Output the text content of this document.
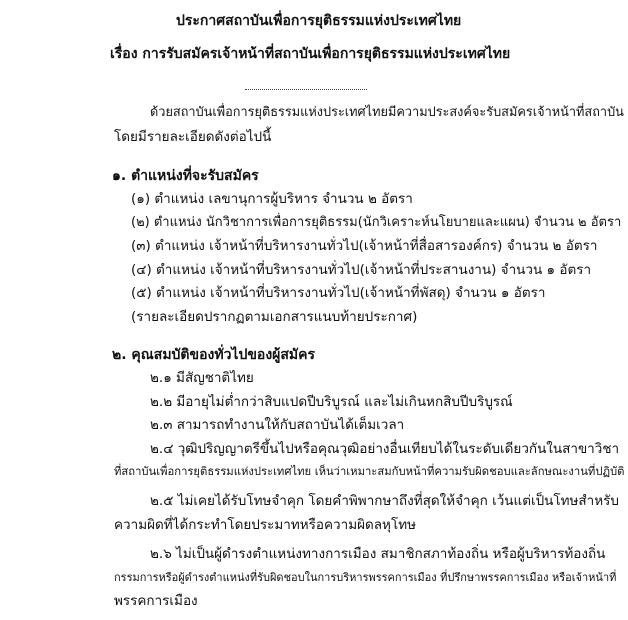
ประกาศสถาบันเพื่อการยุติธรรมแห่งประเทศไทย
เรื่อง การรับสมัครเจ้าหน้าที่สถาบันเพื่อการยุติธรรมแห่งประเทศไทย
ด้วยสถาบันเพื่อการยุติธรรมแห่งประเทศไทยมีความประสงค์จะรับสมัครเจ้าหน้าที่สถาบัน
โดยมีรายละเอียดดังต่อไปนี้
๑. ตำแหน่งที่จะรับสมัคร
(๑) ตำแหน่ง เลขานุการผู้บริหาร จำนวน ๒ อัตรา
(๒) ตำแหน่ง นักวิชาการเพื่อการยุติธรรม(นักวิเคราะห์นโยบายและแผน) จำนวน ๒ อัตรา
(๓) ตำแหน่ง เจ้าหน้าที่บริหารงานทั่วไป(เจ้าหน้าที่สื่อสารองค์กร) จำนวน ๒ อัตรา
(๔) ตำแหน่ง เจ้าหน้าที่บริหารงานทั่วไป(เจ้าหน้าที่ประสานงาน) จำนวน ๑ อัตรา
(๕) ตำแหน่ง เจ้าหน้าที่บริหารงานทั่วไป(เจ้าหน้าที่พัสดุ) จำนวน ๑ อัตรา
(รายละเอียดปรากฏตามเอกสารแนบท้ายประกาศ)
๒. คุณสมบัติของทั่วไปของผู้สมัคร
๒.๑ มีสัญชาติไทย
๒.๒ มีอายุไม่ต่ำกว่าสิบแปดปีบริบูรณ์ และไม่เกินหกสิบปีบริบูรณ์
๒.๓ สามารถทำงานให้กับสถาบันได้เต็มเวลา
๒.๔ วุฒิปริญญาตรีขึ้นไปหรือคุณวุฒิอย่างอื่นเทียบได้ในระดับเดียวกันในสาขาวิชา
ที่สถาบันเพื่อการยุติธรรมแห่งประเทศไทย เห็นว่าเหมาะสมกับหน้าที่ความรับผิดชอบและลักษณะงานที่ปฏิบัติ
๒.๕ ไม่เคยได้รับโทษจำคุก โดยคำพิพากษาถึงที่สุดให้จำคุก เว้นแต่เป็นโทษสำหรับ
ความผิดที่ได้กระทำโดยประมาทหรือความผิดลหุโทษ
๒.๖ ไม่เป็นผู้ดำรงตำแหน่งทางการเมือง สมาชิกสภาท้องถิ่น หรือผู้บริหารท้องถิ่น
กรรมการหรือผู้ดำรงตำแหน่งที่รับผิดชอบในการบริหารพรรคการเมือง ที่ปรึกษาพรรคการเมือง หรือเจ้าหน้าที่
พรรคการเมือง
